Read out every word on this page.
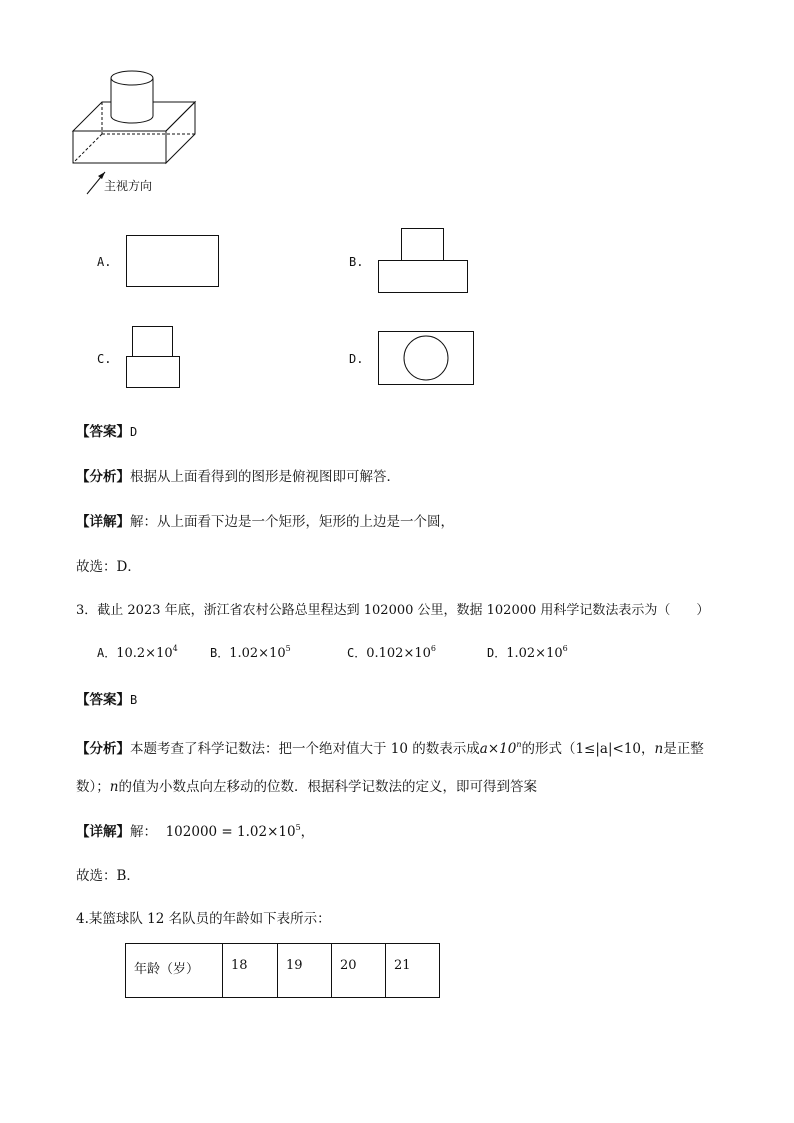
主视方向
A.	B.
C.	D.
【答案】D
【分析】根据从上面看得到的图形是俯视图即可解答．
【详解】解：从上面看下边是一个矩形，矩形的上边是一个圆，
故选：D．
3．截止 2023 年底，浙江省农村公路总里程达到 102000 公里，数据 102000 用科学记数法表示为（　　）
A．$10.2\times 10^4$	B．$1.02\times 10^5$	C．$0.102\times 10^6$	D．$1.02\times 10^6$
【答案】B
【分析】本题考查了科学记数法：把一个绝对值大于 10 的数表示成$a\times 10^n$的形式（1≤|a|<10，n是正整
数）；n的值为小数点向左移动的位数．根据科学记数法的定义，即可得到答案
【详解】解： $102000 = 1.02\times 10^5$，
故选：B．
4.某篮球队 12 名队员的年龄如下表所示：
年龄（岁）	18	19	20	21
